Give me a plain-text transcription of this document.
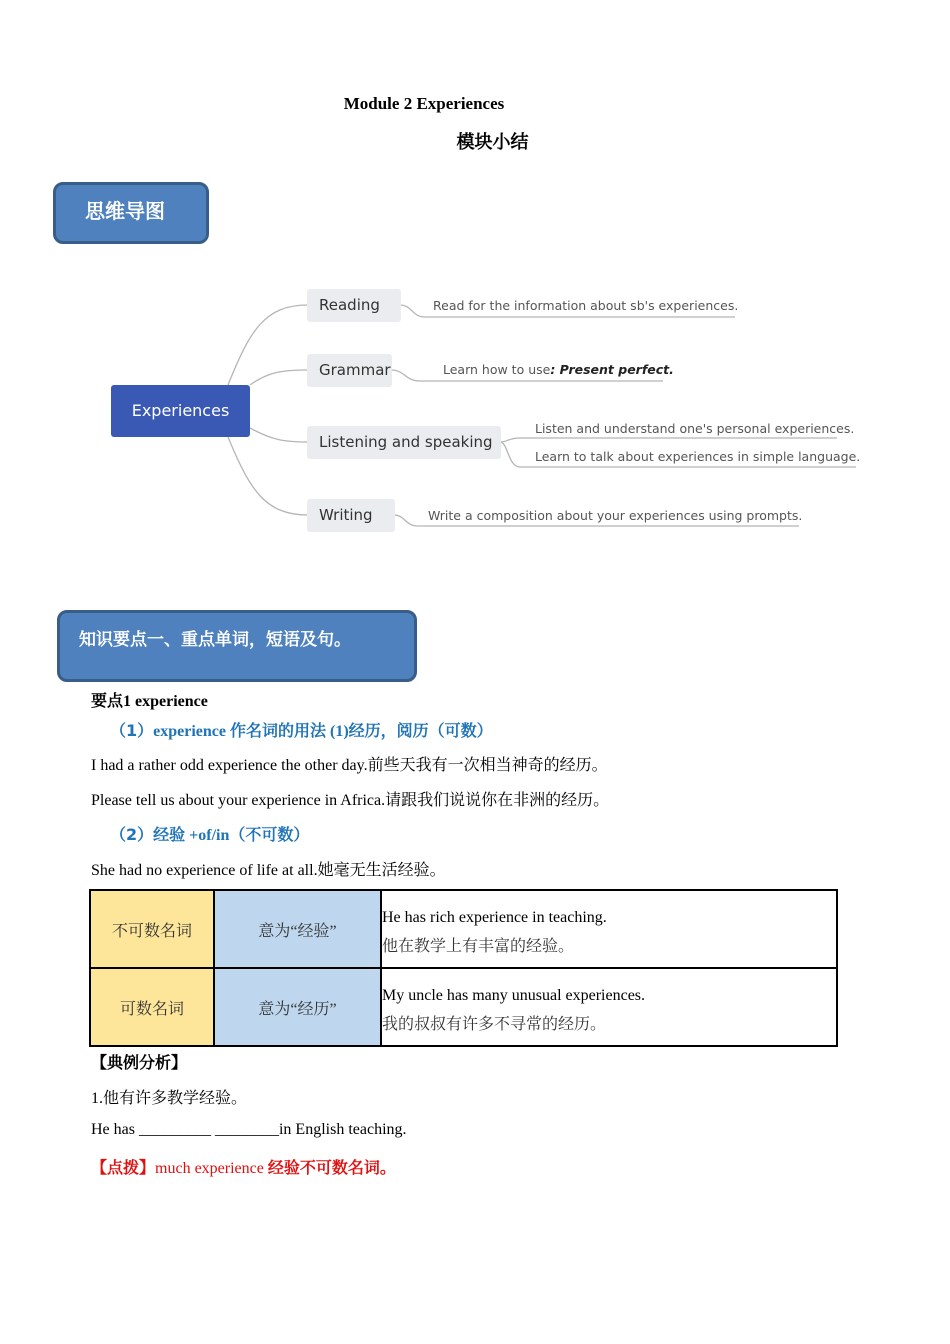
Module 2 Experiences
模块小结
思维导图
Experiences
Reading
Grammar
Listening and speaking
Writing
Read for the information about sb's experiences.
Learn how to use: Present perfect.
Listen and understand one's personal experiences.
Learn to talk about experiences in simple language.
Write a composition about your experiences using prompts.
知识要点一、重点单词，短语及句。
要点1 experience
（1）experience 作名词的用法 (1)经历，阅历（可数）
I had a rather odd experience the other day.前些天我有一次相当神奇的经历。
Please tell us about your experience in Africa.请跟我们说说你在非洲的经历。
（2）经验 +of/in（不可数）
She had no experience of life at all.她毫无生活经验。
不可数名词	意为“经验”	He has rich experience in teaching.
他在教学上有丰富的经验。

可数名词	意为“经历”	My uncle has many unusual experiences.
我的叔叔有许多不寻常的经历。
【典例分析】
1.他有许多教学经验。
He has _________ ________in English teaching.
【点拨】much experience 经验不可数名词。
